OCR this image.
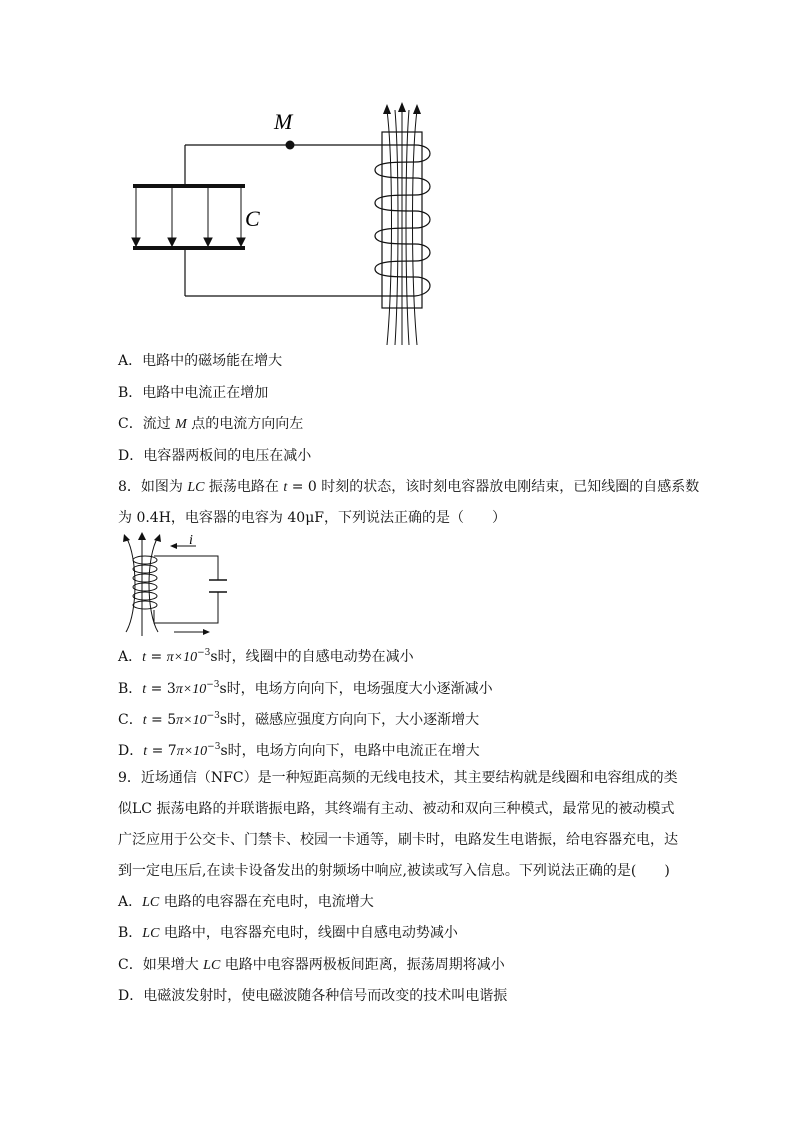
C
M
A．电路中的磁场能在增大
B．电路中电流正在增加
C．流过 M 点的电流方向向左
D．电容器两板间的电压在减小
8．如图为 LC 振荡电路在 t = 0 时刻的状态，该时刻电容器放电刚结束，已知线圈的自感系数
为 0.4H，电容器的电容为 40μF，下列说法正确的是（　　）
i
A．$t = \pi\times 10^{-3}s$时，线圈中的自感电动势在减小
B．$t = 3\pi\times 10^{-3}s$时，电场方向向下，电场强度大小逐渐减小
C．$t = 5\pi\times 10^{-3}s$时，磁感应强度方向向下，大小逐渐增大
D．$t = 7\pi\times 10^{-3}s$时，电场方向向下，电路中电流正在增大
9．近场通信（NFC）是一种短距高频的无线电技术，其主要结构就是线圈和电容组成的类
似LC 振荡电路的并联谐振电路，其终端有主动、被动和双向三种模式，最常见的被动模式
广泛应用于公交卡、门禁卡、校园一卡通等，刷卡时，电路发生电谐振，给电容器充电，达
到一定电压后,在读卡设备发出的射频场中响应,被读或写入信息。下列说法正确的是(　　)
A．LC 电路的电容器在充电时，电流增大
B．LC 电路中，电容器充电时，线圈中自感电动势减小
C．如果增大 LC 电路中电容器两极板间距离，振荡周期将减小
D．电磁波发射时，使电磁波随各种信号而改变的技术叫电谐振
